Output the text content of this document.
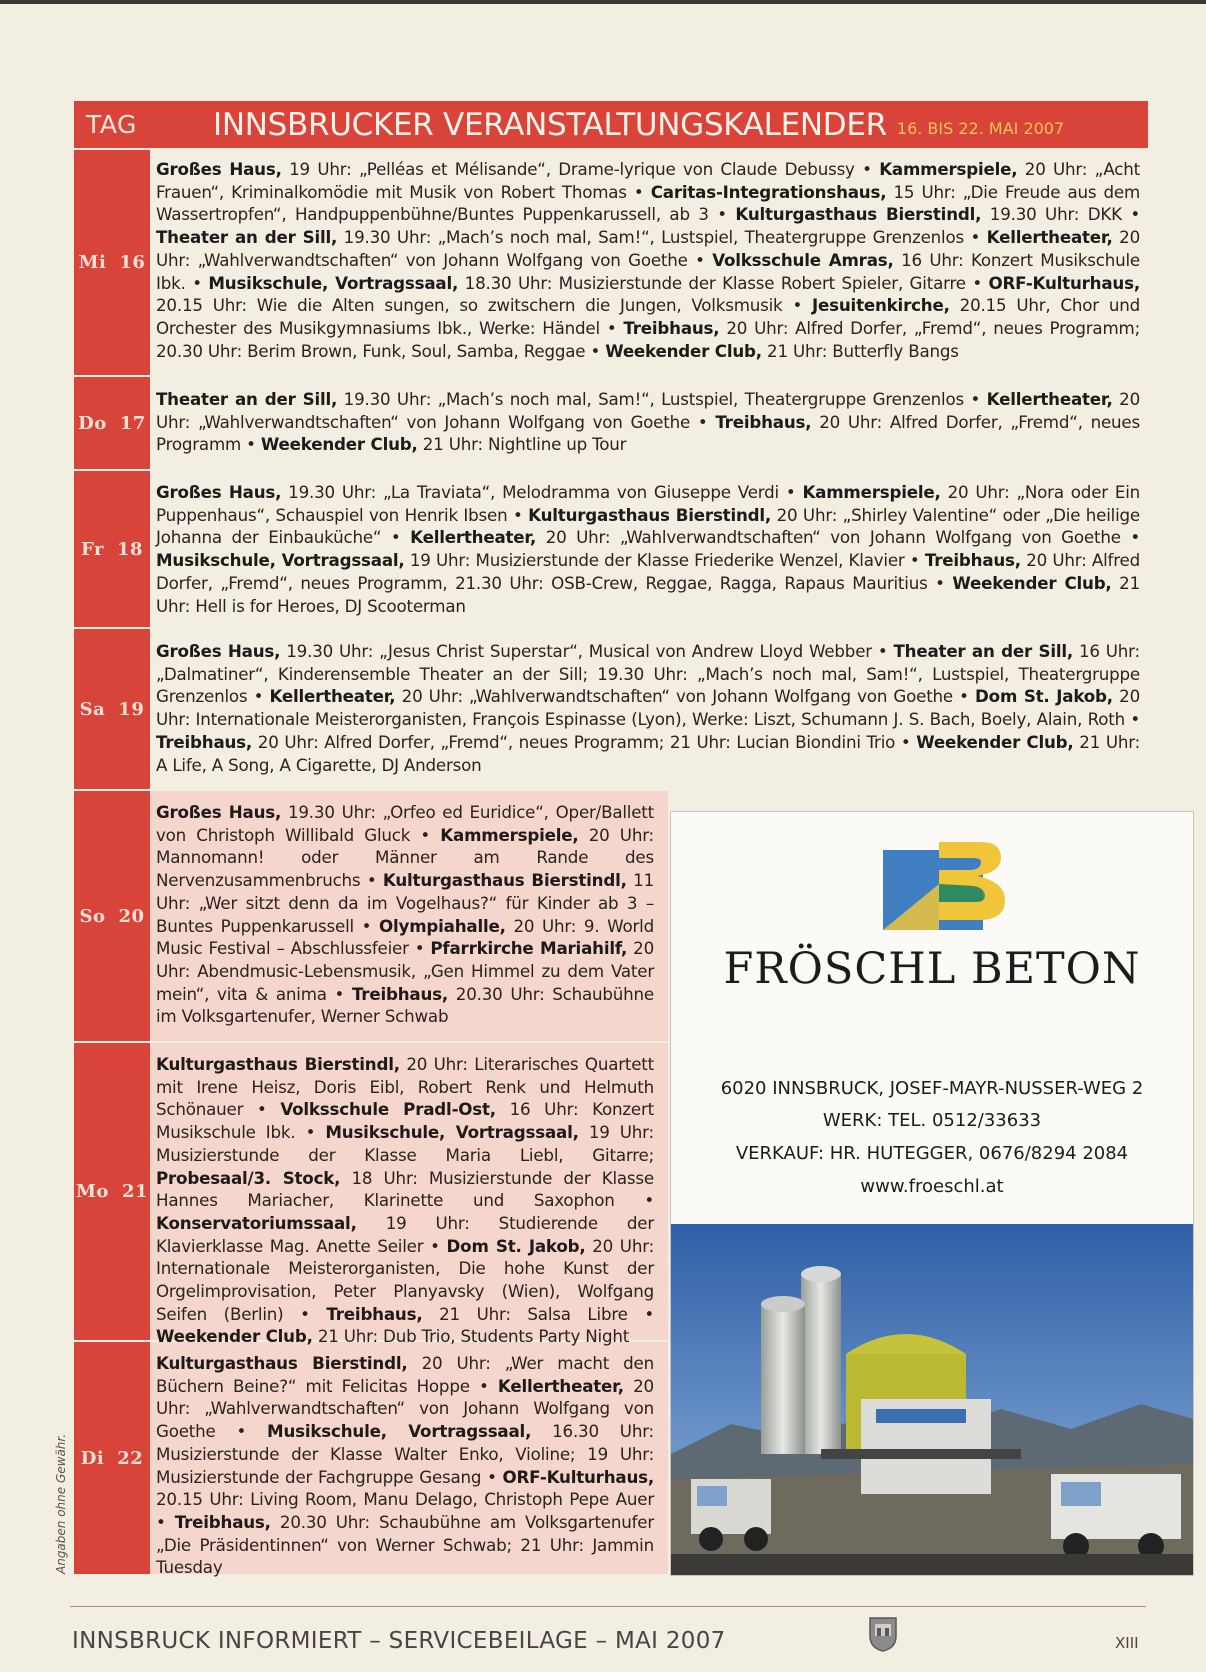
TAG	INNSBRUCKER VERANSTALTUNGSKALENDER 16. BIS 22. MAI 2007
Mi 16
Do 17
Fr 18
Sa 19
So 20
Mo 21
Di 22
Großes Haus, 19 Uhr: „Pelléas et Mélisande“, Drame-lyrique von Claude Debussy • Kammerspiele, 20 Uhr: „Acht Frauen“, Kriminalkomödie mit Musik von Robert Thomas • Caritas-Integrationshaus, 15 Uhr: „Die Freude aus dem Wassertropfen“, Handpuppenbühne/Buntes Puppenkarussell, ab 3 • Kulturgasthaus Bierstindl, 19.30 Uhr: DKK • Theater an der Sill, 19.30 Uhr: „Mach’s noch mal, Sam!“, Lustspiel, Theatergruppe Grenzenlos • Kellertheater, 20 Uhr: „Wahlverwandtschaften“ von Johann Wolfgang von Goethe • Volksschule Amras, 16 Uhr: Konzert Musikschule Ibk. • Musikschule, Vortragssaal, 18.30 Uhr: Musizierstunde der Klasse Robert Spieler, Gitarre • ORF-Kulturhaus, 20.15 Uhr: Wie die Alten sungen, so zwitschern die Jungen, Volksmusik • Jesuitenkirche, 20.15 Uhr, Chor und Orchester des Musikgymnasiums Ibk., Werke: Händel • Treibhaus, 20 Uhr: Alfred Dorfer, „Fremd“, neues Programm; 20.30 Uhr: Berim Brown, Funk, Soul, Samba, Reggae • Weekender Club, 21 Uhr: Butterfly Bangs
Theater an der Sill, 19.30 Uhr: „Mach’s noch mal, Sam!“, Lustspiel, Theatergruppe Grenzenlos • Kellertheater, 20 Uhr: „Wahlverwandtschaften“ von Johann Wolfgang von Goethe • Treibhaus, 20 Uhr: Alfred Dorfer, „Fremd“, neues Programm • Weekender Club, 21 Uhr: Nightline up Tour
Großes Haus, 19.30 Uhr: „La Traviata“, Melodramma von Giuseppe Verdi • Kammerspiele, 20 Uhr: „Nora oder Ein Puppenhaus“, Schauspiel von Henrik Ibsen • Kulturgasthaus Bierstindl, 20 Uhr: „Shirley Valentine“ oder „Die heilige Johanna der Einbauküche“ • Kellertheater, 20 Uhr: „Wahlverwandtschaften“ von Johann Wolfgang von Goethe • Musikschule, Vortragssaal, 19 Uhr: Musizierstunde der Klasse Friederike Wenzel, Klavier • Treibhaus, 20 Uhr: Alfred Dorfer, „Fremd“, neues Programm, 21.30 Uhr: OSB-Crew, Reggae, Ragga, Rapaus Mauritius • Weekender Club, 21 Uhr: Hell is for Heroes, DJ Scooterman
Großes Haus, 19.30 Uhr: „Jesus Christ Superstar“, Musical von Andrew Lloyd Webber • Theater an der Sill, 16 Uhr: „Dalmatiner“, Kinderensemble Theater an der Sill; 19.30 Uhr: „Mach’s noch mal, Sam!“, Lustspiel, Theatergruppe Grenzenlos • Kellertheater, 20 Uhr: „Wahlverwandtschaften“ von Johann Wolfgang von Goethe • Dom St. Jakob, 20 Uhr: Internationale Meisterorganisten, François Espinasse (Lyon), Werke: Liszt, Schumann J. S. Bach, Boely, Alain, Roth • Treibhaus, 20 Uhr: Alfred Dorfer, „Fremd“, neues Programm; 21 Uhr: Lucian Biondini Trio • Weekender Club, 21 Uhr: A Life, A Song, A Cigarette, DJ Anderson
Großes Haus, 19.30 Uhr: „Orfeo ed Euridice“, Oper/Ballett von Christoph Willibald Gluck • Kammerspiele, 20 Uhr: Mannomann! oder Männer am Rande des Nervenzusammenbruchs • Kulturgasthaus Bierstindl, 11 Uhr: „Wer sitzt denn da im Vogelhaus?“ für Kinder ab 3 – Buntes Puppenkarussell • Olympiahalle, 20 Uhr: 9. World Music Festival – Abschlussfeier • Pfarrkirche Mariahilf, 20 Uhr: Abendmusic-Lebensmusik, „Gen Himmel zu dem Vater mein“, vita & anima • Treibhaus, 20.30 Uhr: Schaubühne im Volksgartenufer, Werner Schwab
Kulturgasthaus Bierstindl, 20 Uhr: Literarisches Quartett mit Irene Heisz, Doris Eibl, Robert Renk und Helmuth Schönauer • Volksschule Pradl-Ost, 16 Uhr: Konzert Musikschule Ibk. • Musikschule, Vortragssaal, 19 Uhr: Musizierstunde der Klasse Maria Liebl, Gitarre; Probesaal/3. Stock, 18 Uhr: Musizierstunde der Klasse Hannes Mariacher, Klarinette und Saxophon • Konservatoriumssaal, 19 Uhr: Studierende der Klavierklasse Mag. Anette Seiler • Dom St. Jakob, 20 Uhr: Internationale Meisterorganisten, Die hohe Kunst der Orgelimprovisation, Peter Planyavsky (Wien), Wolfgang Seifen (Berlin) • Treibhaus, 21 Uhr: Salsa Libre • Weekender Club, 21 Uhr: Dub Trio, Students Party Night
Kulturgasthaus Bierstindl, 20 Uhr: „Wer macht den Büchern Beine?“ mit Felicitas Hoppe • Kellertheater, 20 Uhr: „Wahlverwandtschaften“ von Johann Wolfgang von Goethe • Musikschule, Vortragssaal, 16.30 Uhr: Musizierstunde der Klasse Walter Enko, Violine; 19 Uhr: Musizierstunde der Fachgruppe Gesang • ORF-Kulturhaus, 20.15 Uhr: Living Room, Manu Delago, Christoph Pepe Auer • Treibhaus, 20.30 Uhr: Schaubühne am Volksgartenufer „Die Präsidentinnen“ von Werner Schwab; 21 Uhr: Jammin Tuesday
FRÖSCHL BETON
6020 INNSBRUCK, JOSEF-MAYR-NUSSER-WEG 2
WERK: TEL. 0512/33633
VERKAUF: HR. HUTEGGER, 0676/8294 2084
www.froeschl.at
Angaben ohne Gewähr.
INNSBRUCK INFORMIERT – SERVICEBEILAGE – MAI 2007	XIII
